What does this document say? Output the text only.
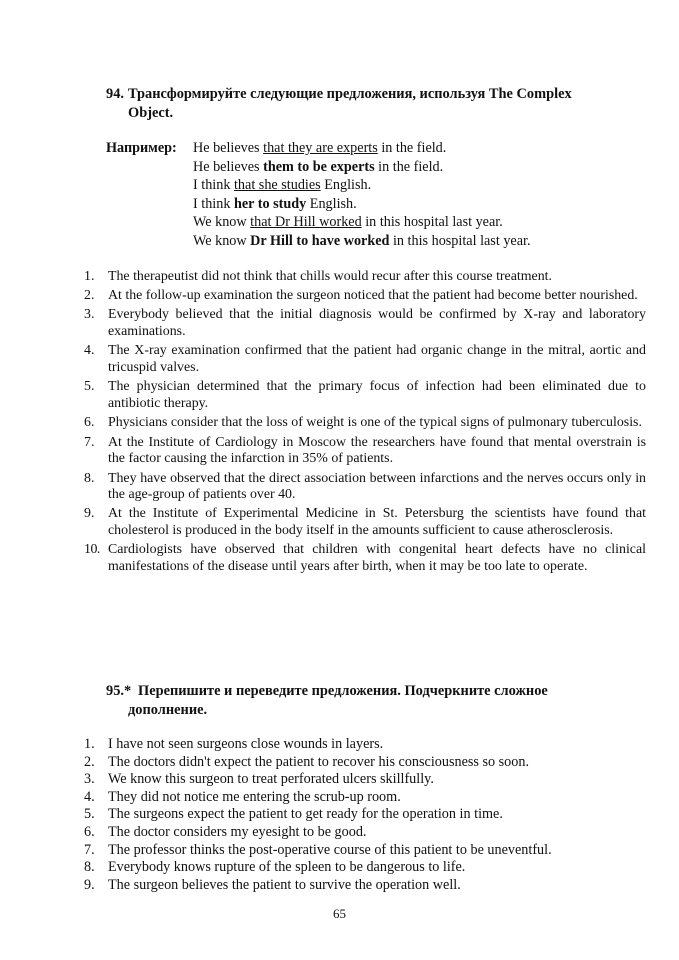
94. Трансформируйте следующие предложения, используя The Complex
Object.
Например: He believes that they are experts in the field.
He believes them to be experts in the field.
I think that she studies English.
I think her to study English.
We know that Dr Hill worked in this hospital last year.
We know Dr Hill to have worked in this hospital last year.
1. The therapeutist did not think that chills would recur after this course treatment.
2. At the follow-up examination the surgeon noticed that the patient had become better nourished.
3. Everybody believed that the initial diagnosis would be confirmed by X-ray and laboratory examinations.
4. The X-ray examination confirmed that the patient had organic change in the mitral, aortic and tricuspid valves.
5. The physician determined that the primary focus of infection had been eliminated due to antibiotic therapy.
6. Physicians consider that the loss of weight is one of the typical signs of pulmonary tuberculosis.
7. At the Institute of Cardiology in Moscow the researchers have found that mental overstrain is the factor causing the infarction in 35% of patients.
8. They have observed that the direct association between infarctions and the nerves occurs only in the age-group of patients over 40.
9. At the Institute of Experimental Medicine in St. Petersburg the scientists have found that cholesterol is produced in the body itself in the amounts sufficient to cause atherosclerosis.
10. Cardiologists have observed that children with congenital heart defects have no clinical manifestations of the disease until years after birth, when it may be too late to operate.
95.* Перепишите и переведите предложения. Подчеркните сложное
дополнение.
1. I have not seen surgeons close wounds in layers.
2. The doctors didn't expect the patient to recover his consciousness so soon.
3. We know this surgeon to treat perforated ulcers skillfully.
4. They did not notice me entering the scrub-up room.
5. The surgeons expect the patient to get ready for the operation in time.
6. The doctor considers my eyesight to be good.
7. The professor thinks the post-operative course of this patient to be uneventful.
8. Everybody knows rupture of the spleen to be dangerous to life.
9. The surgeon believes the patient to survive the operation well.
65
